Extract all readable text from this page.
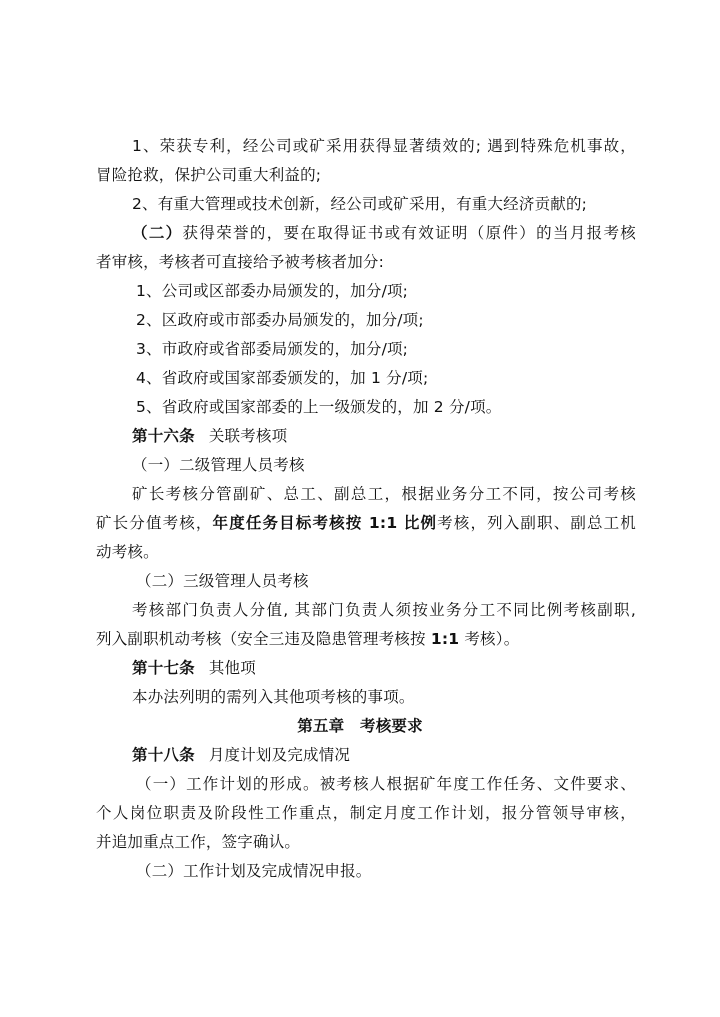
1、荣获专利，经公司或矿采用获得显著绩效的; 遇到特殊危机事故，
冒险抢救，保护公司重大利益的;
2、有重大管理或技术创新，经公司或矿采用，有重大经济贡献的;
（二）获得荣誉的，要在取得证书或有效证明（原件）的当月报考核
者审核，考核者可直接给予被考核者加分:
1、公司或区部委办局颁发的，加分/项;
2、区政府或市部委办局颁发的，加分/项;
3、市政府或省部委局颁发的，加分/项;
4、省政府或国家部委颁发的，加 1 分/项;
5、省政府或国家部委的上一级颁发的，加 2 分/项。
第十六条 关联考核项
（一）二级管理人员考核
矿长考核分管副矿、总工、副总工，根据业务分工不同，按公司考核
矿长分值考核，年度任务目标考核按 1:1 比例考核，列入副职、副总工机
动考核。
（二）三级管理人员考核
考核部门负责人分值, 其部门负责人须按业务分工不同比例考核副职,
列入副职机动考核（安全三违及隐患管理考核按 1:1 考核）。
第十七条 其他项
本办法列明的需列入其他项考核的事项。
第五章　考核要求
第十八条 月度计划及完成情况
（一）工作计划的形成。被考核人根据矿年度工作任务、文件要求、
个人岗位职责及阶段性工作重点，制定月度工作计划，报分管领导审核，
并追加重点工作，签字确认。
（二）工作计划及完成情况申报。
